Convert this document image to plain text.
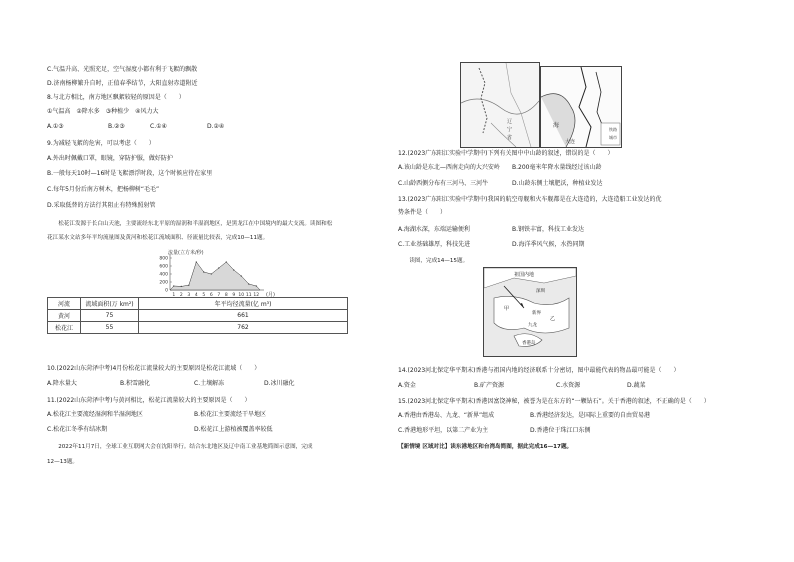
C.气温升高、光照充足，空气湿度小都有利于飞絮的飘散
D.济南杨柳繁升自时，正值春季结节，大阳直射赤道附近
8.与北方相比，南方地区飘絮较轻的原因是（　　）
①气温高　②降水多　③种植少　④风力大
A.①③	B.②③	C.①④	D.②④
9.为减轻飞絮的危害，可以考虑（　　）
A.外出时佩戴口罩，眼镜，穿防护服，做好防护
B.一般每天10时—16时是飞絮漂浮时段，这个时候应待在家里
C.每年5月份后南方树木，把杨柳树“毛毛”
D.采取低替的方法行其阻止有特殊照射管
　　松花江发源于长白山天池，主要流经东北平原的湿润和半湿润地区，是黑龙江在中国境内的最大支流。读图和松
花江某水文站多年平均流量图及黄河和松花江流域面积、径流量比较表，完成10—11题。
流量(立方米/秒)
800
600
400
200
0
1 2 3 4 5 6 7 8 9 10 11 12 (月)
河流	流域面积(万 km²)	年平均径流量(亿 m³)
黄河	75	661
松花江	55	762
10.(2022山东菏泽中考)4月份松花江流量较大的主要原因是松花江流域（　　）
A.降水量大	B.积雪融化	C.土壤解冻	D.冰川融化
11.(2022山东菏泽中考)与黄河相比，松花江流量较大的主要原因是（　　）
A.松花江主要流经湿润和半湿润地区	B.松花江主要流经干旱地区
C.松花江冬季有结冰期	D.松花江上游植被覆盖率较低
　　2022年11月7日，全球工业互联网大会在沈阳举行。结合东北地区及辽中南工业基地简图示意图，完成
12—13题。
辽
宁
省
海
大连
铁路
城市
12.(2023广东阳江实验中学期中)下列有关图中中山龄的叙述，错误的是（　　）
A.该山龄是东北—西南走向的大兴安岭 B.200毫米年降水量线经过该山龄
C.山龄西侧分布有三河马、三河牛	D.山龄东侧土壤肥沃，种植业发达
13.(2023广东阳江实验中学期中)我国的航空母舰和火车舰都是在大连造的，大连造船工业发达的优
势条件是（　　）
A.海湖水深，东端运输便利	B.钢铁丰富，科技工业发达
C.工业基础雄厚，科技先进	D.海洋季风气候，水热同期
　　读图，完成14—15题。
祖国内地
深圳
香港岛
新界
九龙
甲
乙
14.(2023河北保定华平期末)香港与祖国内地的经济联系十分密切，图中最能代表的物品最可能是（　　）
A.资金	B.矿产资源	C.水资源	D.蔬菜
15.(2023河北保定华平期末)香港因富饶神秘，被誉为是在东方的“一颗钻石”。关于香港的叙述，不正确的是（　　）
A.香港由香港岛、九龙、“新界”组成	B.香港经济发达，是国际上重要的自由贸易港
C.香港地形平坦，以第二产业为主	D.香港位于珠江口东侧
【新情境 区域对比】读东港地区和台湾岛简图，据此完成16—17题。
